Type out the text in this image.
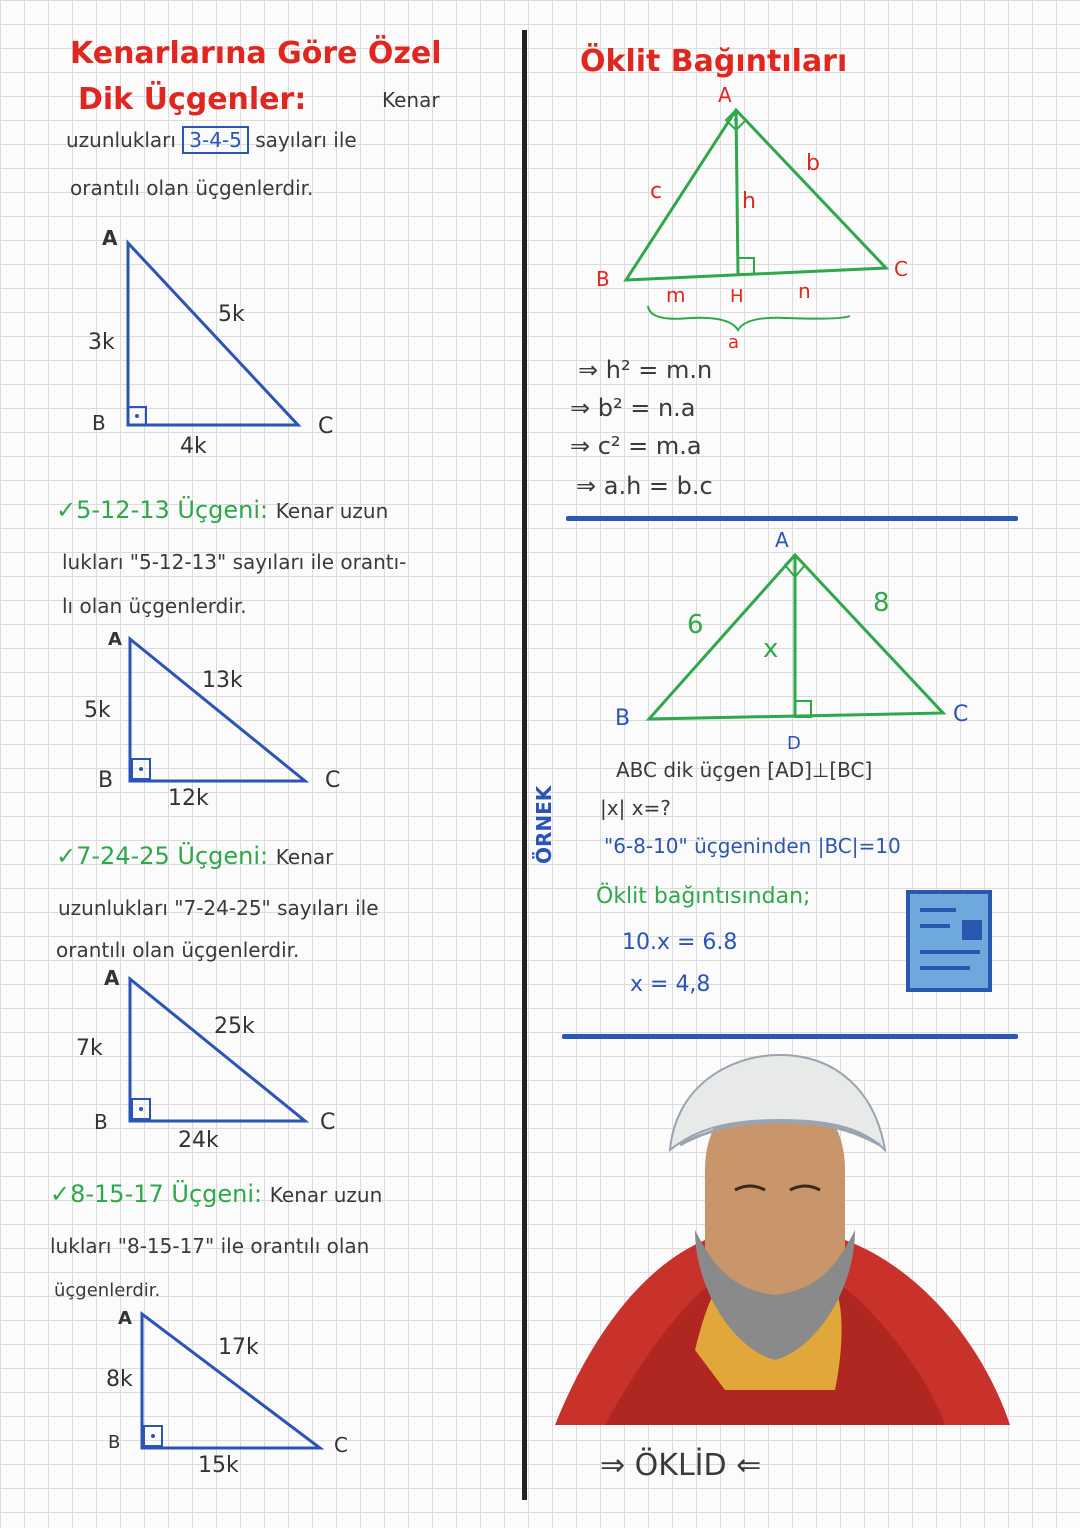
Kenarlarına Göre Özel
Dik Üçgenler:	Kenar
uzunlukları 3-4-5 sayıları ile
orantılı olan üçgenlerdir.
A
B	C
3k
4k
5k
✓5-12-13 Üçgeni: Kenar uzun
lukları "5-12-13" sayıları ile orantı-
lı olan üçgenlerdir.
A
B	C
5k
12k
13k
✓7-24-25 Üçgeni: Kenar
uzunlukları "7-24-25" sayıları ile
orantılı olan üçgenlerdir.
A
B	C
7k
24k
25k
✓8-15-17 Üçgeni: Kenar uzun
lukları "8-15-17" ile orantılı olan
üçgenlerdir.
A
B	C
8k
15k
17k
Öklit Bağıntıları
A
B	C
H
c
b
h
m	n
a
⇒ h² = m.n
⇒ b² = n.a
⇒ c² = m.a
⇒ a.h = b.c
A
B	C
D
6
8
x
ÖRNEK
ABC dik üçgen [AD]⊥[BC]
|x| x=?
"6-8-10" üçgeninden |BC|=10
Öklit bağıntısından;
10.x = 6.8
x = 4,8
⇒ ÖKLİD ⇐
